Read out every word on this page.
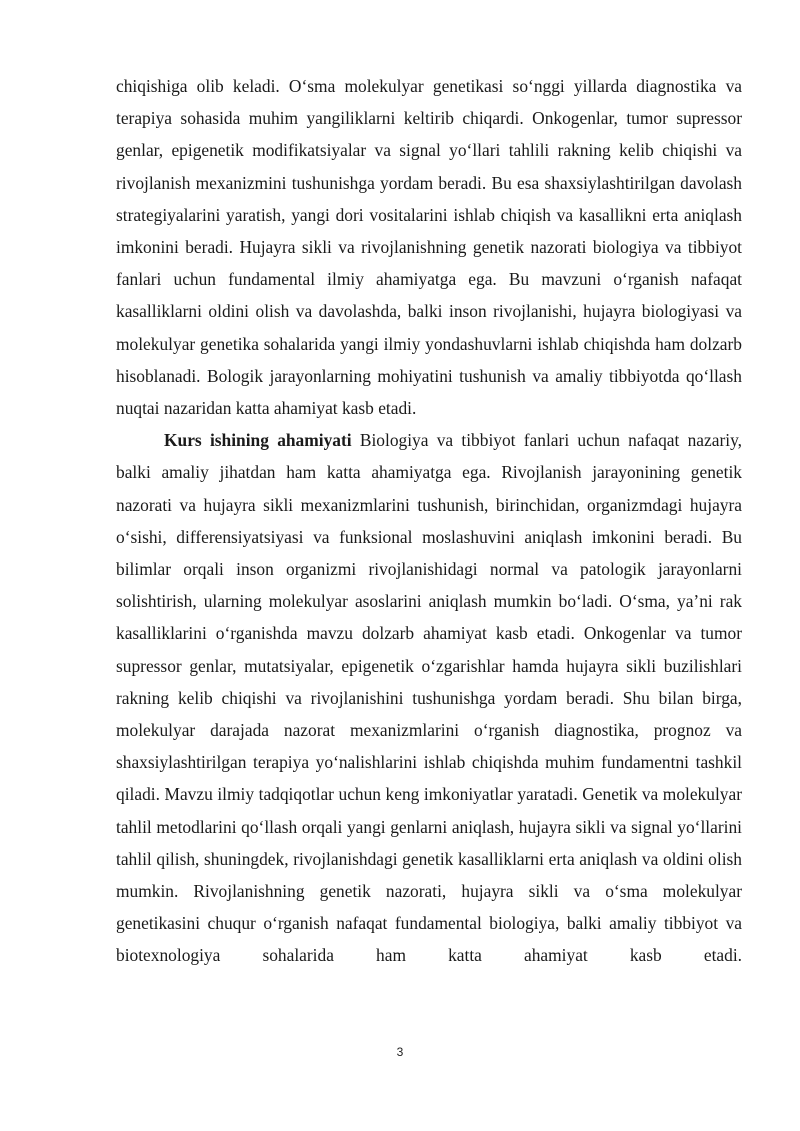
chiqishiga olib keladi. O‘sma molekulyar genetikasi so‘nggi yillarda diagnostika va terapiya sohasida muhim yangiliklarni keltirib chiqardi. Onkogenlar, tumor supressor genlar, epigenetik modifikatsiyalar va signal yo‘llari tahlili rakning kelib chiqishi va rivojlanish mexanizmini tushunishga yordam beradi. Bu esa shaxsiylashtirilgan davolash strategiyalarini yaratish, yangi dori vositalarini ishlab chiqish va kasallikni erta aniqlash imkonini beradi. Hujayra sikli va rivojlanishning genetik nazorati biologiya va tibbiyot fanlari uchun fundamental ilmiy ahamiyatga ega. Bu mavzuni o‘rganish nafaqat kasalliklarni oldini olish va davolashda, balki inson rivojlanishi, hujayra biologiyasi va molekulyar genetika sohalarida yangi ilmiy yondashuvlarni ishlab chiqishda ham dolzarb hisoblanadi. Bologik jarayonlarning mohiyatini tushunish va amaliy tibbiyotda qo‘llash nuqtai nazaridan katta ahamiyat kasb etadi.

Kurs ishining ahamiyati Biologiya va tibbiyot fanlari uchun nafaqat nazariy, balki amaliy jihatdan ham katta ahamiyatga ega. Rivojlanish jarayonining genetik nazorati va hujayra sikli mexanizmlarini tushunish, birinchidan, organizmdagi hujayra o‘sishi, differensiyatsiyasi va funksional moslashuvini aniqlash imkonini beradi. Bu bilimlar orqali inson organizmi rivojlanishidagi normal va patologik jarayonlarni solishtirish, ularning molekulyar asoslarini aniqlash mumkin bo‘ladi. O‘sma, ya’ni rak kasalliklarini o‘rganishda mavzu dolzarb ahamiyat kasb etadi. Onkogenlar va tumor supressor genlar, mutatsiyalar, epigenetik o‘zgarishlar hamda hujayra sikli buzilishlari rakning kelib chiqishi va rivojlanishini tushunishga yordam beradi. Shu bilan birga, molekulyar darajada nazorat mexanizmlarini o‘rganish diagnostika, prognoz va shaxsiylashtirilgan terapiya yo‘nalishlarini ishlab chiqishda muhim fundamentni tashkil qiladi. Mavzu ilmiy tadqiqotlar uchun keng imkoniyatlar yaratadi. Genetik va molekulyar tahlil metodlarini qo‘llash orqali yangi genlarni aniqlash, hujayra sikli va signal yo‘llarini tahlil qilish, shuningdek, rivojlanishdagi genetik kasalliklarni erta aniqlash va oldini olish mumkin. Rivojlanishning genetik nazorati, hujayra sikli va o‘sma molekulyar genetikasini chuqur o‘rganish nafaqat fundamental biologiya, balki amaliy tibbiyot va biotexnologiya sohalarida ham katta ahamiyat kasb etadi.

3
